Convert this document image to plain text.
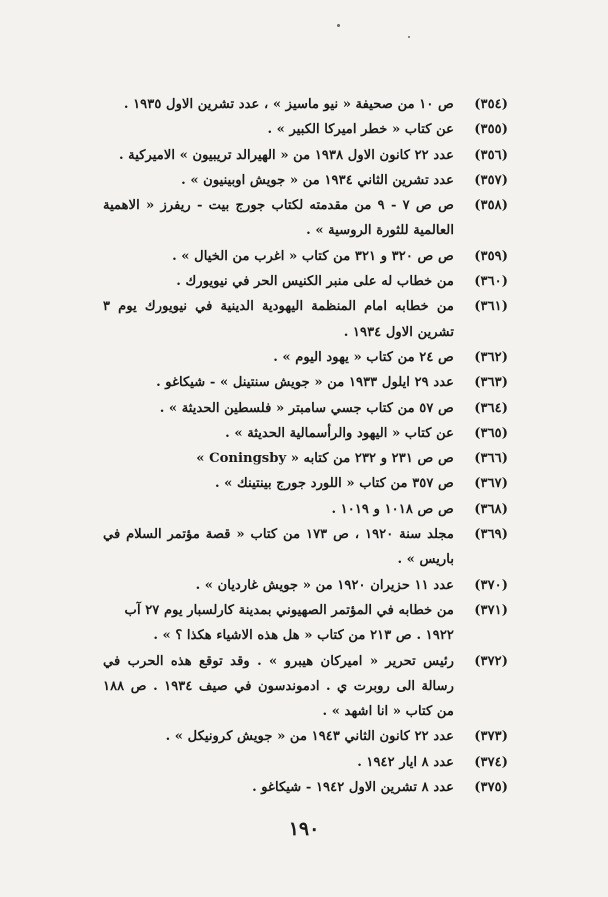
(٣٥٤)
ص ١٠ من صحيفة « نيو ماسيز » ، عدد تشرين الاول ١٩٣٥ .
(٣٥٥)
عن كتاب « خطر اميركا الكبير » .
(٣٥٦)
عدد ٢٢ كانون الاول ١٩٣٨ من « الهيرالد تريبيون » الاميركية .
(٣٥٧)
عدد تشرين الثاني ١٩٣٤ من « جويش اوبينيون » .
(٣٥٨)
ص ص ٧ - ٩ من مقدمته لكتاب جورج بيت - ريفرز « الاهمية العالمية للثورة الروسية » .
(٣٥٩)
ص ص ٣٢٠ و ٣٢١ من كتاب « اغرب من الخيال » .
(٣٦٠)
من خطاب له على منبر الكنيس الحر في نيويورك .
(٣٦١)
من خطابه امام المنظمة اليهودية الدينية في نيويورك يوم ٣ تشرين الاول ١٩٣٤ .
(٣٦٢)
ص ٢٤ من كتاب « يهود اليوم » .
(٣٦٣)
عدد ٢٩ ايلول ١٩٣٣ من « جويش سنتينل » - شيكاغو .
(٣٦٤)
ص ٥٧ من كتاب جسي سامبتر « فلسطين الحديثة » .
(٣٦٥)
عن كتاب « اليهود والرأسمالية الحديثة » .
(٣٦٦)
ص ص ٢٣١ و ٢٣٢ من كتابه « Coningsby »
(٣٦٧)
ص ٣٥٧ من كتاب « اللورد جورج بينتينك » .
(٣٦٨)
ص ص ١٠١٨ و ١٠١٩ .
(٣٦٩)
مجلد سنة ١٩٢٠ ، ص ١٧٣ من كتاب « قصة مؤتمر السلام في باريس » .
(٣٧٠)
عدد ١١ حزيران ١٩٢٠ من « جويش غارديان » .
(٣٧١)
من خطابه في المؤتمر الصهيوني بمدينة كارلسبار يوم ٢٧ آب ١٩٢٢ . ص ٢١٣ من كتاب « هل هذه الاشياء هكذا ؟ » .
(٣٧٢)
رئيس تحرير « اميركان هيبرو » . وقد توقع هذه الحرب في رسالة الى روبرت ي . ادموندسون في صيف ١٩٣٤ . ص ١٨٨ من كتاب « انا اشهد » .
(٣٧٣)
عدد ٢٢ كانون الثاني ١٩٤٣ من « جويش كرونيكل » .
(٣٧٤)
عدد ٨ ايار ١٩٤٢ .
(٣٧٥)
عدد ٨ تشرين الاول ١٩٤٢ - شيكاغو .
١٩٠
